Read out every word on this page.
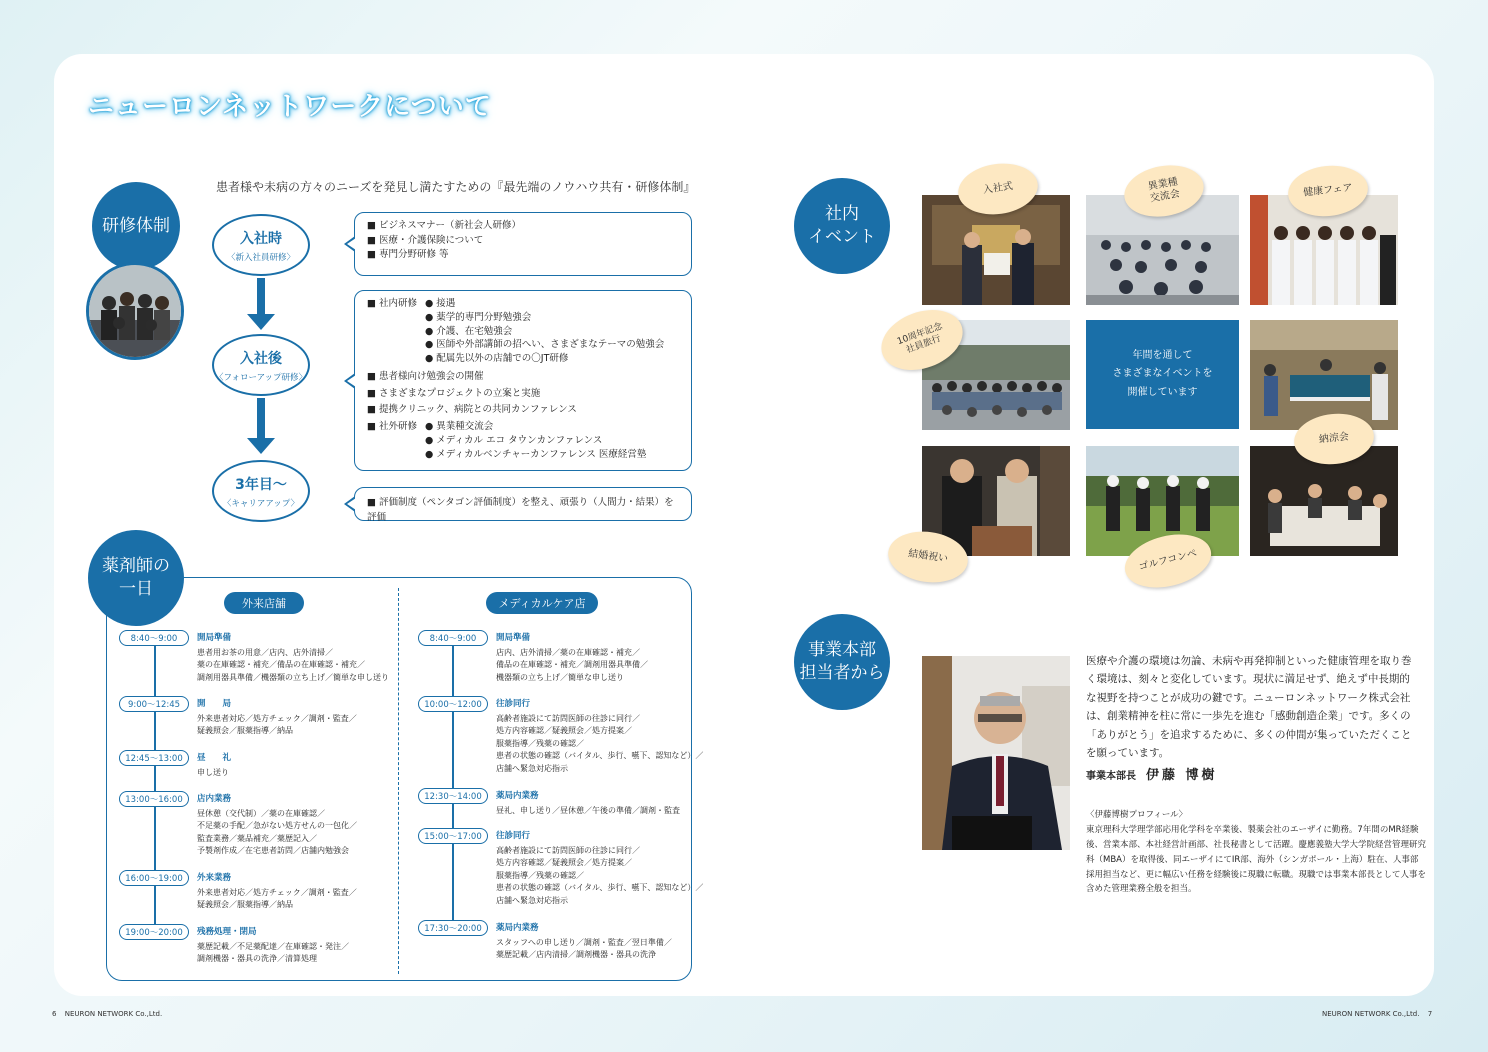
ニューロンネットワークについて
研修体制
患者様や未病の方々のニーズを発見し満たすための『最先端のノウハウ共有・研修体制』
入社時
〈新入社員研修〉
入社後
〈フォローアップ研修〉
3年目〜
〈キャリアアップ〉
■ ビジネスマナー（新社会人研修）
■ 医療・介護保険について
■ 専門分野研修 等
■ 社内研修 ● 接遇
● 薬学的専門分野勉強会
● 介護、在宅勉強会
● 医師や外部講師の招へい、さまざまなテーマの勉強会
● 配属先以外の店舗での〇JT研修
■ 患者様向け勉強会の開催
■ さまざまなプロジェクトの立案と実施
■ 提携クリニック、病院との共同カンファレンス
■ 社外研修 ● 異業種交流会
● メディカル エコ タウンカンファレンス
● メディカルベンチャーカンファレンス 医療経営塾
■ 評価制度（ペンタゴン評価制度）を整え、頑張り（人間力・結果）を評価
薬剤師の
一日
外来店舗	メディカルケア店
8:40〜9:00	開局準備
患者用お茶の用意／店内、店外清掃／
薬の在庫確認・補充／備品の在庫確認・補充／
調剤用器具準備／機器類の立ち上げ／簡単な申し送り
9:00〜12:45	開　　局
外来患者対応／処方チェック／調剤・監査／
疑義照会／服薬指導／納品
12:45〜13:00	昼　　礼
申し送り
13:00〜16:00	店内業務
昼休憩（交代制）／薬の在庫確認／
不足薬の手配／急がない処方せんの一包化／
監査業務／薬品補充／薬歴記入／
予製剤作成／在宅患者訪問／店舗内勉強会
16:00〜19:00	外来業務
外来患者対応／処方チェック／調剤・監査／
疑義照会／服薬指導／納品
19:00〜20:00	残務処理・閉局
薬歴記載／不足薬配達／在庫確認・発注／
調剤機器・器具の洗浄／清算処理
8:40〜9:00	開局準備
店内、店外清掃／薬の在庫確認・補充／
備品の在庫確認・補充／調剤用器具準備／
機器類の立ち上げ／簡単な申し送り
10:00〜12:00	往診同行
高齢者施設にて訪問医師の往診に同行／
処方内容確認／疑義照会／処方提案／
服薬指導／残薬の確認／
患者の状態の確認（バイタル、歩行、嚥下、認知など）／
店舗へ緊急対応指示
12:30〜14:00	薬局内業務
昼礼、申し送り／昼休憩／午後の準備／調剤・監査
15:00〜17:00	往診同行
高齢者施設にて訪問医師の往診に同行／
処方内容確認／疑義照会／処方提案／
服薬指導／残薬の確認／
患者の状態の確認（バイタル、歩行、嚥下、認知など）／
店舗へ緊急対応指示
17:30〜20:00	薬局内業務
スタッフへの申し送り／調剤・監査／翌日準備／
薬歴記載／店内清掃／調剤機器・器具の洗浄
社内
イベント
年間を通して
さまざまなイベントを
開催しています
入社式	異業種
交流会	健康フェア
10周年記念
社員旅行
納涼会
結婚祝い	ゴルフコンペ
事業本部
担当者から
医療や介護の環境は勿論、未病や再発抑制といった健康管理を取り巻く環境は、刻々と変化しています。現状に満足せず、絶えず中長期的な視野を持つことが成功の鍵です。ニューロンネットワーク株式会社は、創業精神を柱に常に一歩先を進む「感動創造企業」です。多くの「ありがとう」を追求するために、多くの仲間が集っていただくことを願っています。
事業本部長 伊藤 博樹
〈伊藤博樹プロフィール〉
東京理科大学理学部応用化学科を卒業後、製薬会社のエーザイに勤務。7年間のMR経験後、営業本部、本社経営計画部、社長秘書として活躍。慶應義塾大学大学院経営管理研究科（MBA）を取得後、同エーザイにてIR部、海外（シンガポール・上海）駐在、人事部採用担当など、更に幅広い任務を経験後に現職に転職。現職では事業本部長として人事を含めた管理業務全般を担当。
6 NEURON NETWORK Co.,Ltd.	NEURON NETWORK Co.,Ltd. 7
